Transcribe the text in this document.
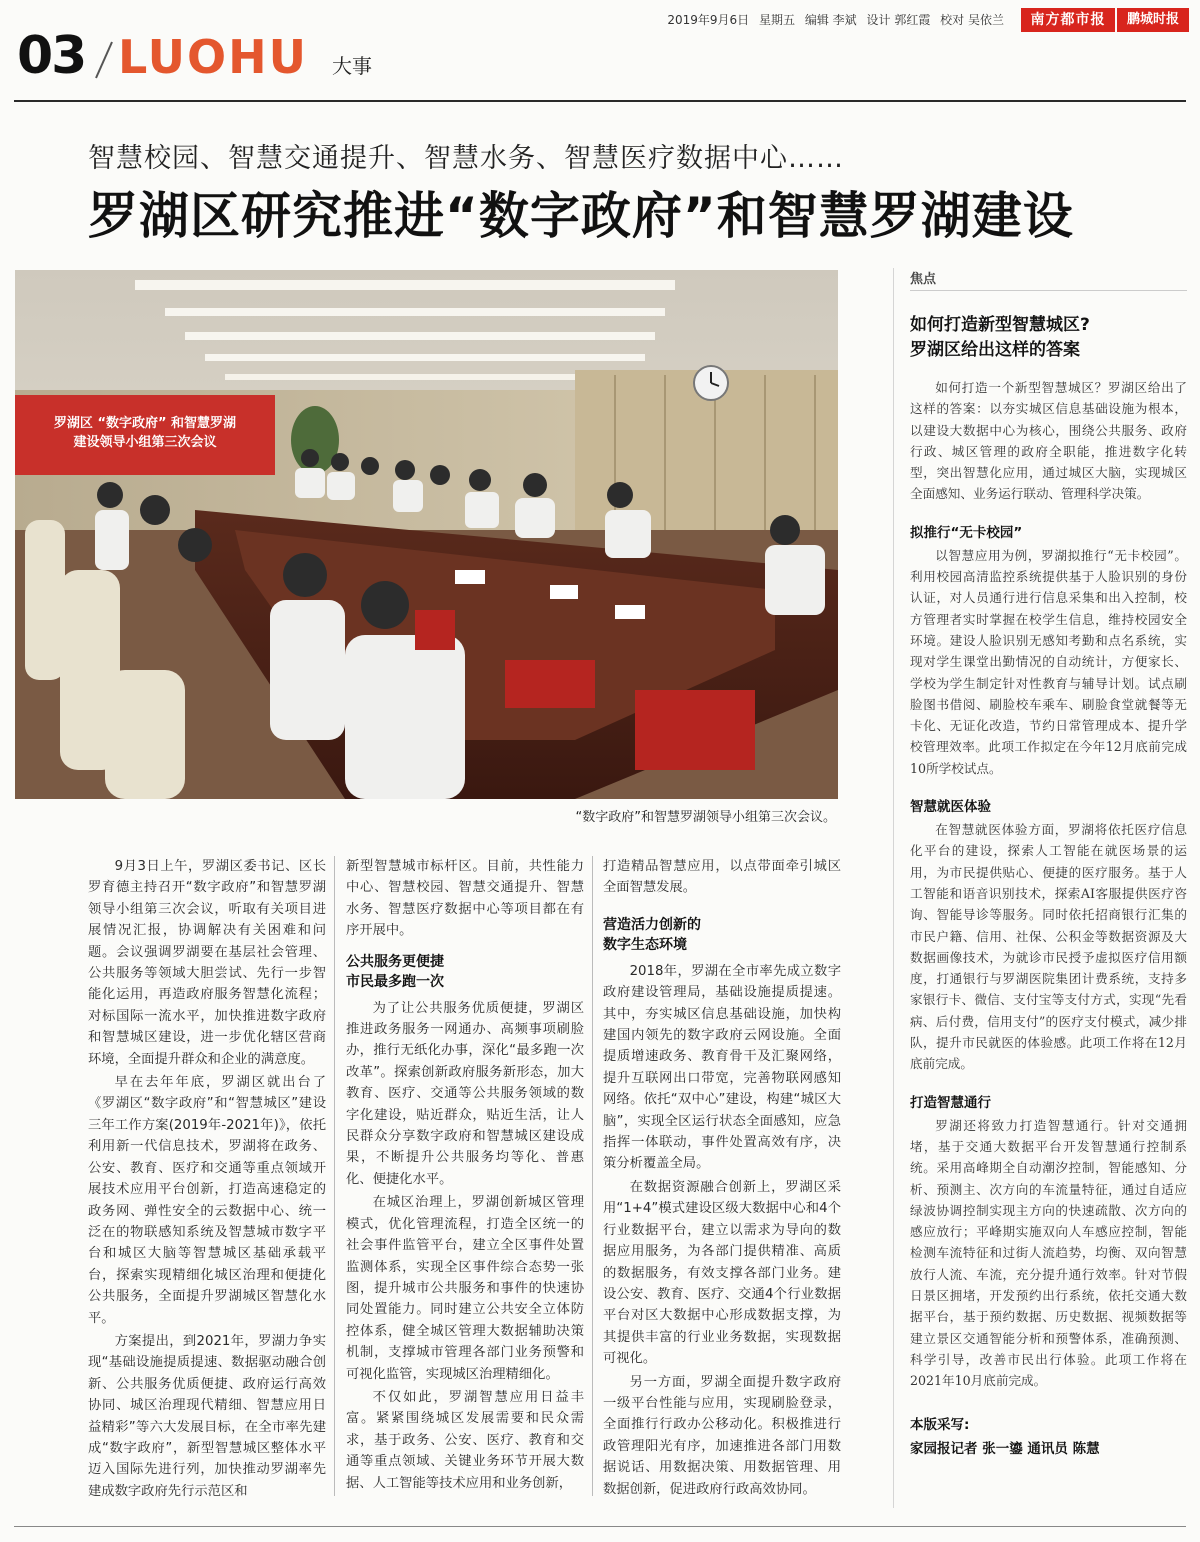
2019年9月6日 星期五 编辑 李斌 设计 郭红霞 校对 吴依兰	南方都市报	鹏城时报
03 LUOHU 大事
智慧校园、智慧交通提升、智慧水务、智慧医疗数据中心……
罗湖区研究推进“数字政府”和智慧罗湖建设
罗湖区 “数字政府” 和智慧罗湖
建设领导小组第三次会议
“数字政府”和智慧罗湖领导小组第三次会议。

9月3日上午，罗湖区委书记、区长罗育德主持召开“数字政府”和智慧罗湖领导小组第三次会议，听取有关项目进展情况汇报，协调解决有关困难和问题。会议强调罗湖要在基层社会管理、公共服务等领域大胆尝试、先行一步智能化运用，再造政府服务智慧化流程；对标国际一流水平，加快推进数字政府和智慧城区建设，进一步优化辖区营商环境，全面提升群众和企业的满意度。

早在去年年底，罗湖区就出台了《罗湖区“数字政府”和“智慧城区”建设三年工作方案(2019年-2021年)》，依托利用新一代信息技术，罗湖将在政务、公安、教育、医疗和交通等重点领域开展技术应用平台创新，打造高速稳定的政务网、弹性安全的云数据中心、统一泛在的物联感知系统及智慧城市数字平台和城区大脑等智慧城区基础承载平台，探索实现精细化城区治理和便捷化公共服务，全面提升罗湖城区智慧化水平。

方案提出，到2021年，罗湖力争实现“基础设施提质提速、数据驱动融合创新、公共服务优质便捷、政府运行高效协同、城区治理现代精细、智慧应用日益精彩”等六大发展目标，在全市率先建成“数字政府”，新型智慧城区整体水平迈入国际先进行列，加快推动罗湖率先建成数字政府先行示范区和

新型智慧城市标杆区。目前，共性能力中心、智慧校园、智慧交通提升、智慧水务、智慧医疗数据中心等项目都在有序开展中。

公共服务更便捷
市民最多跑一次

为了让公共服务优质便捷，罗湖区推进政务服务一网通办、高频事项刷脸办，推行无纸化办事，深化“最多跑一次改革”。探索创新政府服务新形态，加大教育、医疗、交通等公共服务领域的数字化建设，贴近群众，贴近生活，让人民群众分享数字政府和智慧城区建设成果，不断提升公共服务均等化、普惠化、便捷化水平。

在城区治理上，罗湖创新城区管理模式，优化管理流程，打造全区统一的社会事件监管平台，建立全区事件处置监测体系，实现全区事件综合态势一张图，提升城市公共服务和事件的快速协同处置能力。同时建立公共安全立体防控体系，健全城区管理大数据辅助决策机制，支撑城市管理各部门业务预警和可视化监管，实现城区治理精细化。

不仅如此，罗湖智慧应用日益丰富。紧紧围绕城区发展需要和民众需求，基于政务、公安、医疗、教育和交通等重点领域、关键业务环节开展大数据、人工智能等技术应用和业务创新，

打造精品智慧应用，以点带面牵引城区全面智慧发展。

营造活力创新的
数字生态环境

2018年，罗湖在全市率先成立数字政府建设管理局，基础设施提质提速。其中，夯实城区信息基础设施，加快构建国内领先的数字政府云网设施。全面提质增速政务、教育骨干及汇聚网络，提升互联网出口带宽，完善物联网感知网络。依托“双中心”建设，构建“城区大脑”，实现全区运行状态全面感知，应急指挥一体联动，事件处置高效有序，决策分析覆盖全局。

在数据资源融合创新上，罗湖区采用“1+4”模式建设区级大数据中心和4个行业数据平台，建立以需求为导向的数据应用服务，为各部门提供精准、高质的数据服务，有效支撑各部门业务。建设公安、教育、医疗、交通4个行业数据平台对区大数据中心形成数据支撑，为其提供丰富的行业业务数据，实现数据可视化。

另一方面，罗湖全面提升数字政府一级平台性能与应用，实现刷脸登录，全面推行行政办公移动化。积极推进行政管理阳光有序，加速推进各部门用数据说话、用数据决策、用数据管理、用数据创新，促进政府行政高效协同。

焦点
如何打造新型智慧城区?
罗湖区给出这样的答案

如何打造一个新型智慧城区？罗湖区给出了这样的答案：以夯实城区信息基础设施为根本，以建设大数据中心为核心，围绕公共服务、政府行政、城区管理的政府全职能，推进数字化转型，突出智慧化应用，通过城区大脑，实现城区全面感知、业务运行联动、管理科学决策。

拟推行“无卡校园”

以智慧应用为例，罗湖拟推行“无卡校园”。利用校园高清监控系统提供基于人脸识别的身份认证，对人员通行进行信息采集和出入控制，校方管理者实时掌握在校学生信息，维持校园安全环境。建设人脸识别无感知考勤和点名系统，实现对学生课堂出勤情况的自动统计，方便家长、学校为学生制定针对性教育与辅导计划。试点刷脸图书借阅、刷脸校车乘车、刷脸食堂就餐等无卡化、无证化改造，节约日常管理成本、提升学校管理效率。此项工作拟定在今年12月底前完成10所学校试点。

智慧就医体验

在智慧就医体验方面，罗湖将依托医疗信息化平台的建设，探索人工智能在就医场景的运用，为市民提供贴心、便捷的医疗服务。基于人工智能和语音识别技术，探索AI客服提供医疗咨询、智能导诊等服务。同时依托招商银行汇集的市民户籍、信用、社保、公积金等数据资源及大数据画像技术，为就诊市民授予虚拟医疗信用额度，打通银行与罗湖医院集团计费系统，支持多家银行卡、微信、支付宝等支付方式，实现“先看病、后付费，信用支付”的医疗支付模式，减少排队，提升市民就医的体验感。此项工作将在12月底前完成。

打造智慧通行

罗湖还将致力打造智慧通行。针对交通拥堵，基于交通大数据平台开发智慧通行控制系统。采用高峰期全自动潮汐控制，智能感知、分析、预测主、次方向的车流量特征，通过自适应绿波协调控制实现主方向的快速疏散、次方向的感应放行；平峰期实施双向人车感应控制，智能检测车流特征和过街人流趋势，均衡、双向智慧放行人流、车流，充分提升通行效率。针对节假日景区拥堵，开发预约出行系统，依托交通大数据平台，基于预约数据、历史数据、视频数据等建立景区交通智能分析和预警体系，准确预测、科学引导，改善市民出行体验。此项工作将在2021年10月底前完成。

本版采写:
家园报记者 张一鎏 通讯员 陈慧
